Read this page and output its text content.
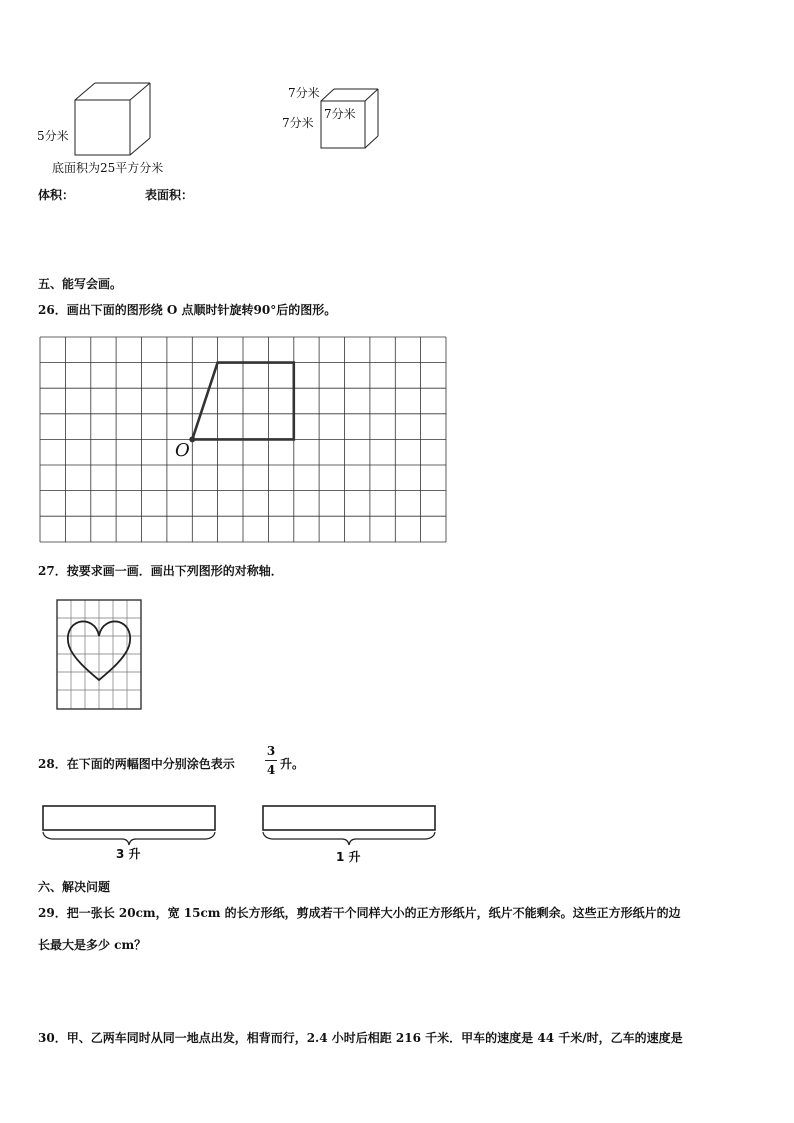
5分米
底面积为25平方分米
7分米
7分米
7分米
体积：	表面积：
五、能写会画。
26．画出下面的图形绕 O 点顺时针旋转90°后的图形。
O
27．按要求画一画．画出下列图形的对称轴．
28．在下面的两幅图中分别涂色表示
3
4 升。
3 升	1 升
六、解决问题
29．把一张长 20cm，宽 15cm 的长方形纸，剪成若干个同样大小的正方形纸片，纸片不能剩余。这些正方形纸片的边
长最大是多少 cm？
30．甲、乙两车同时从同一地点出发，相背而行，2.4 小时后相距 216 千米．甲车的速度是 44 千米/时，乙车的速度是
